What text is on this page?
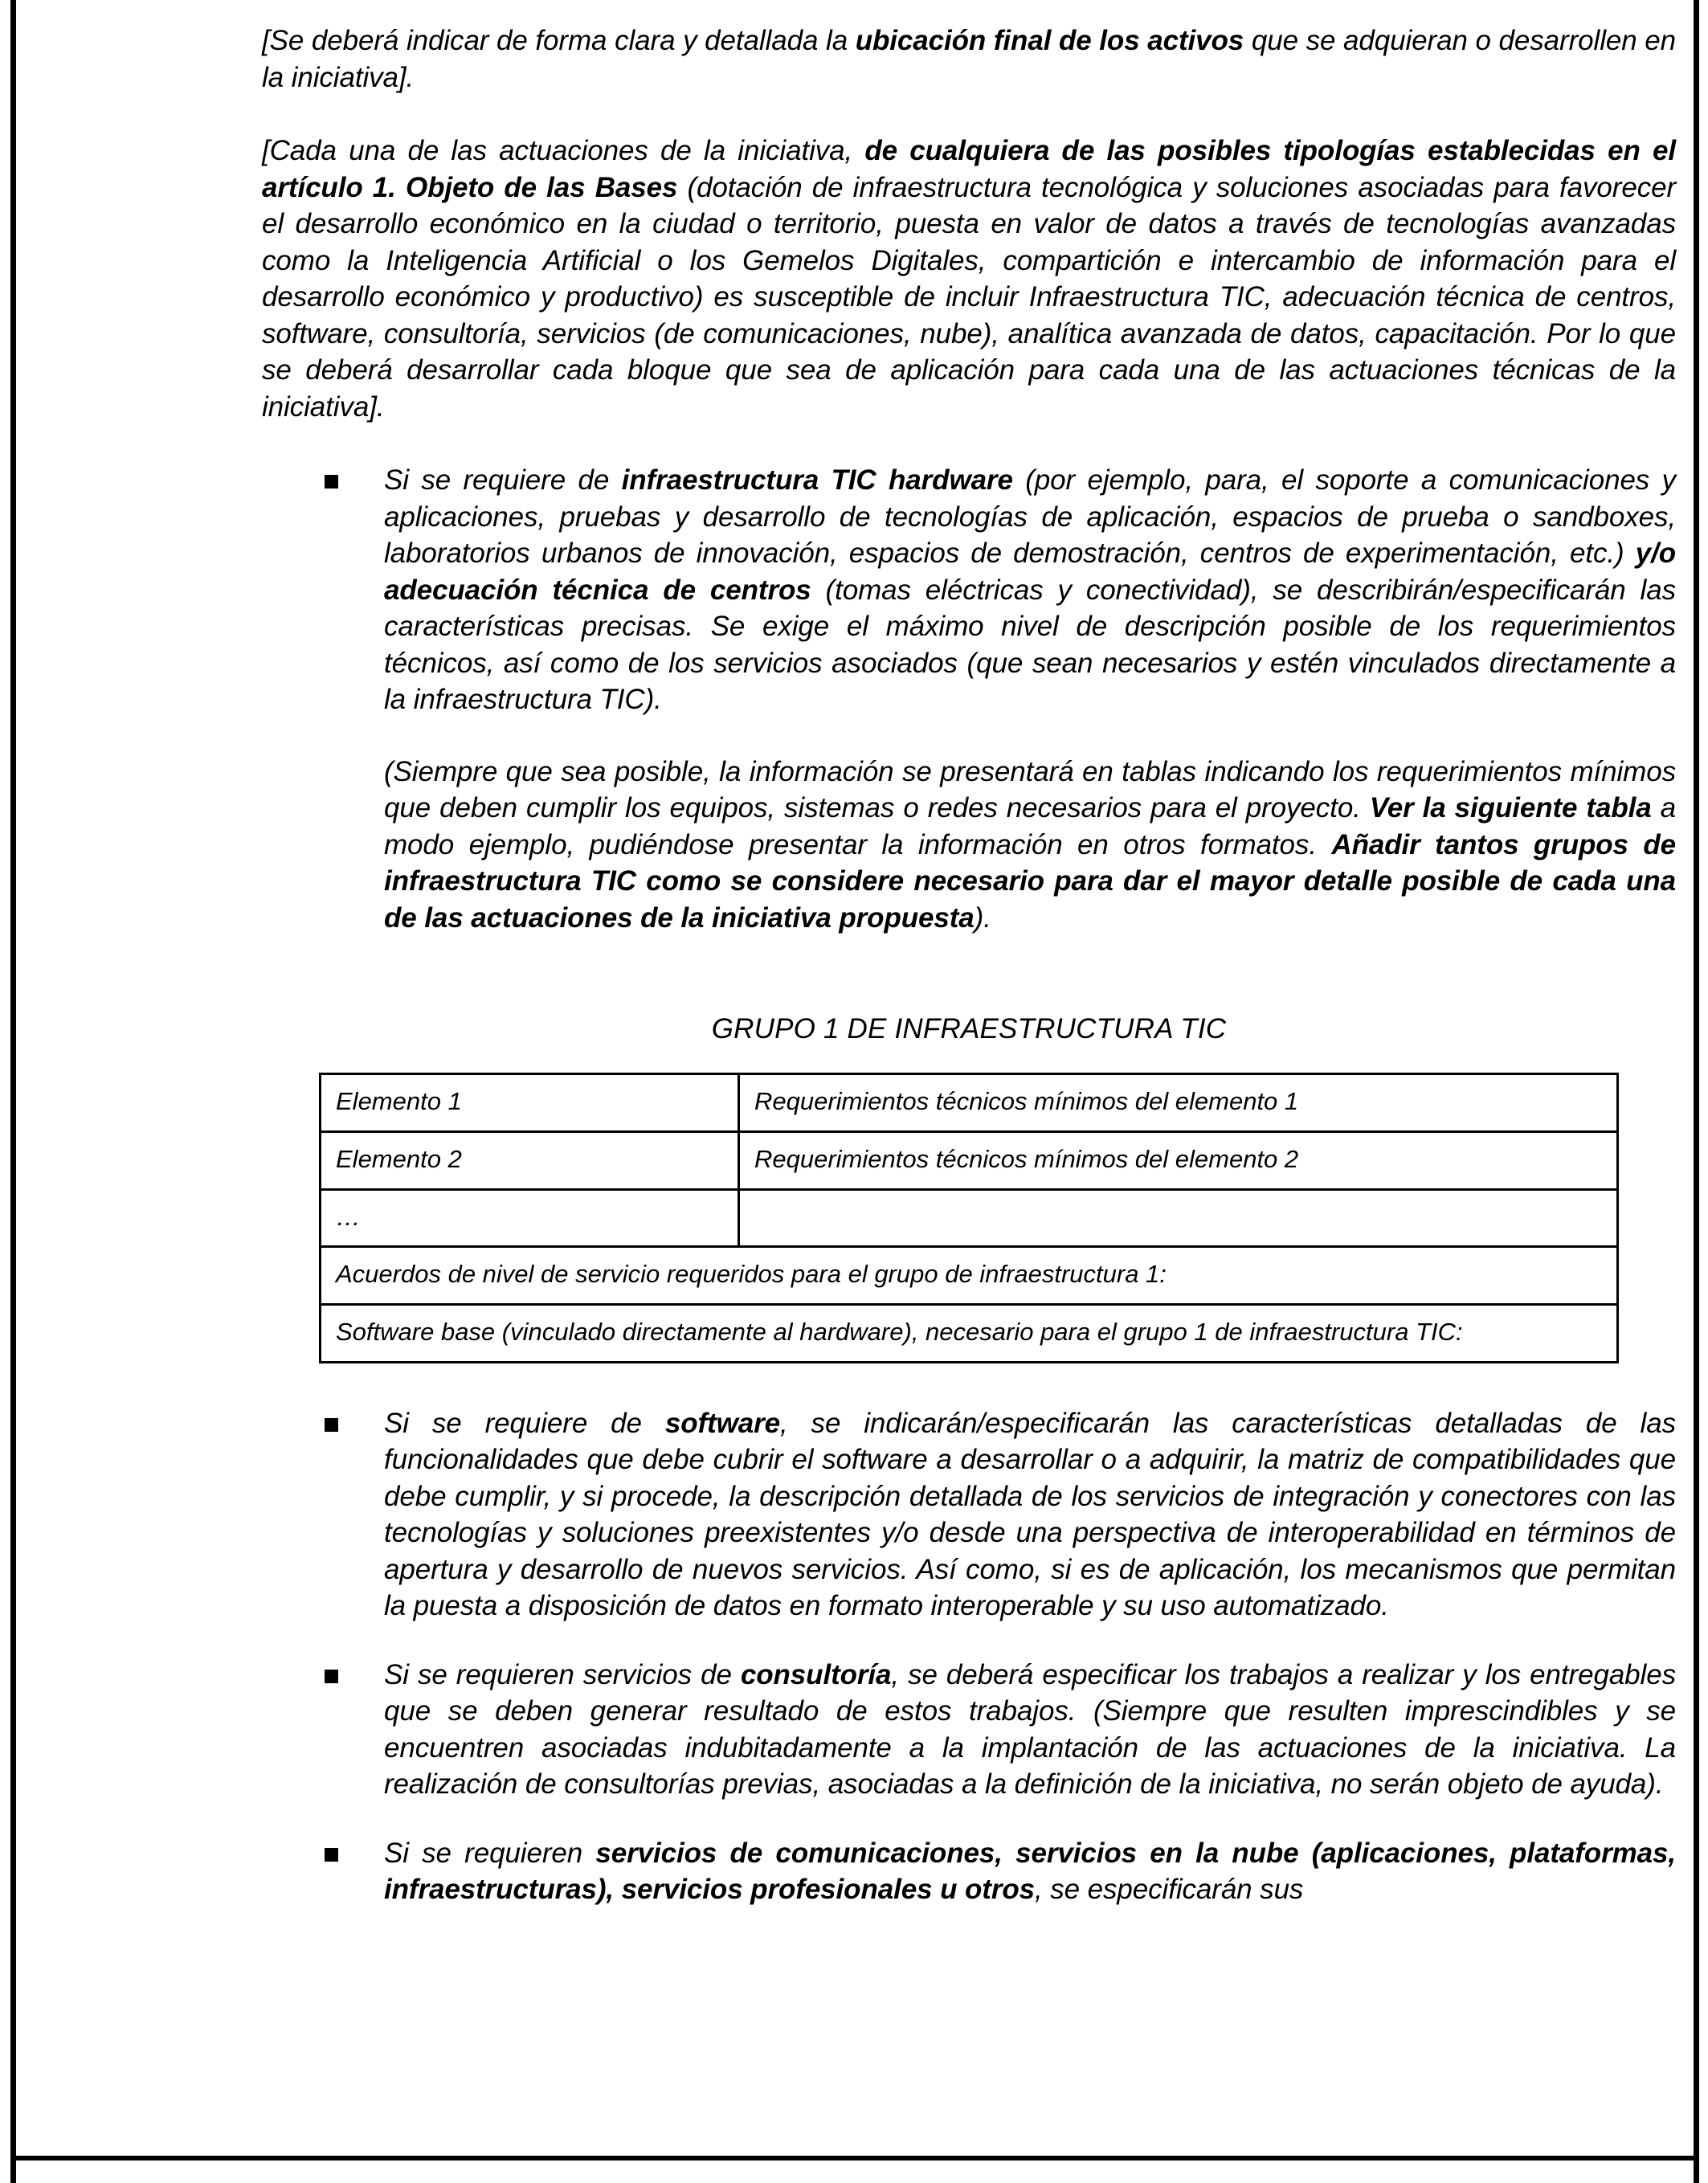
[Se deberá indicar de forma clara y detallada la ubicación final de los activos que se adquieran o desarrollen en la iniciativa].

[Cada una de las actuaciones de la iniciativa, de cualquiera de las posibles tipologías establecidas en el artículo 1. Objeto de las Bases (dotación de infraestructura tecnológica y soluciones asociadas para favorecer el desarrollo económico en la ciudad o territorio, puesta en valor de datos a través de tecnologías avanzadas como la Inteligencia Artificial o los Gemelos Digitales, compartición e intercambio de información para el desarrollo económico y productivo) es susceptible de incluir Infraestructura TIC, adecuación técnica de centros, software, consultoría, servicios (de comunicaciones, nube), analítica avanzada de datos, capacitación. Por lo que se deberá desarrollar cada bloque que sea de aplicación para cada una de las actuaciones técnicas de la iniciativa].

Si se requiere de infraestructura TIC hardware (por ejemplo, para, el soporte a comunicaciones y aplicaciones, pruebas y desarrollo de tecnologías de aplicación, espacios de prueba o sandboxes, laboratorios urbanos de innovación, espacios de demostración, centros de experimentación, etc.) y/o adecuación técnica de centros (tomas eléctricas y conectividad), se describirán/especificarán las características precisas. Se exige el máximo nivel de descripción posible de los requerimientos técnicos, así como de los servicios asociados (que sean necesarios y estén vinculados directamente a la infraestructura TIC).

(Siempre que sea posible, la información se presentará en tablas indicando los requerimientos mínimos que deben cumplir los equipos, sistemas o redes necesarios para el proyecto. Ver la siguiente tabla a modo ejemplo, pudiéndose presentar la información en otros formatos. Añadir tantos grupos de infraestructura TIC como se considere necesario para dar el mayor detalle posible de cada una de las actuaciones de la iniciativa propuesta).

GRUPO 1 DE INFRAESTRUCTURA TIC
Elemento 1	Requerimientos técnicos mínimos del elemento 1
Elemento 2	Requerimientos técnicos mínimos del elemento 2
…	
Acuerdos de nivel de servicio requeridos para el grupo de infraestructura 1:	
Software base (vinculado directamente al hardware), necesario para el grupo 1 de infraestructura TIC:	

Si se requiere de software, se indicarán/especificarán las características detalladas de las funcionalidades que debe cubrir el software a desarrollar o a adquirir, la matriz de compatibilidades que debe cumplir, y si procede, la descripción detallada de los servicios de integración y conectores con las tecnologías y soluciones preexistentes y/o desde una perspectiva de interoperabilidad en términos de apertura y desarrollo de nuevos servicios. Así como, si es de aplicación, los mecanismos que permitan la puesta a disposición de datos en formato interoperable y su uso automatizado.

Si se requieren servicios de consultoría, se deberá especificar los trabajos a realizar y los entregables que se deben generar resultado de estos trabajos. (Siempre que resulten imprescindibles y se encuentren asociadas indubitadamente a la implantación de las actuaciones de la iniciativa. La realización de consultorías previas, asociadas a la definición de la iniciativa, no serán objeto de ayuda).

Si se requieren servicios de comunicaciones, servicios en la nube (aplicaciones, plataformas, infraestructuras), servicios profesionales u otros, se especificarán sus
